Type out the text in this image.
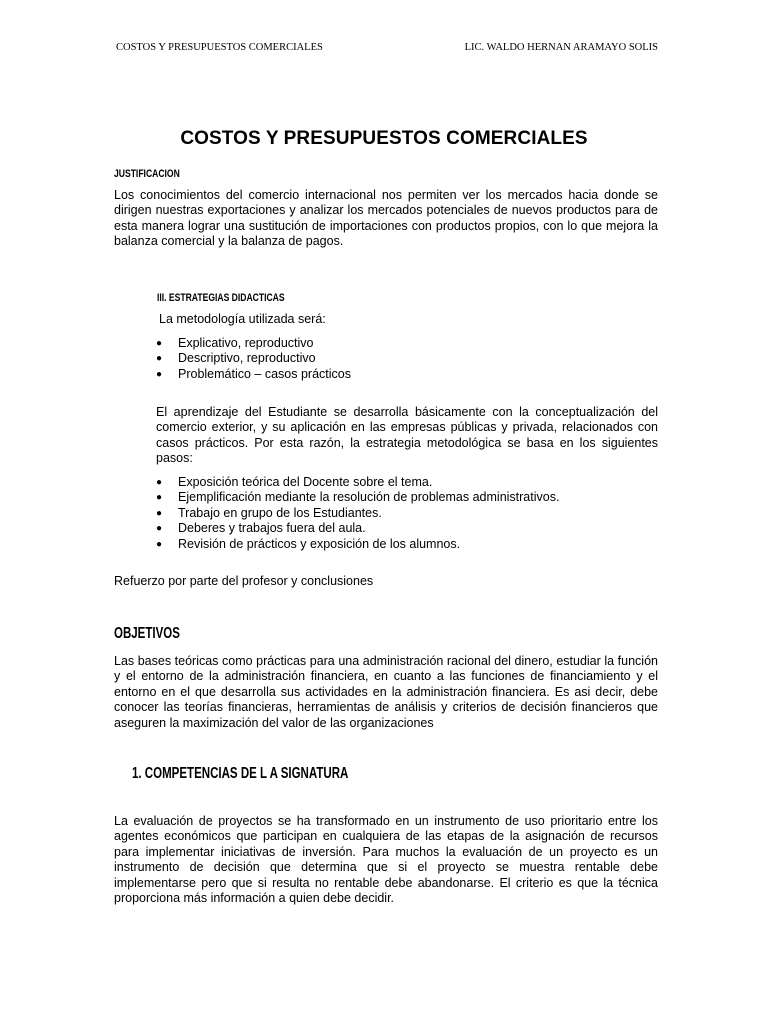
COSTOS Y PRESUPUESTOS COMERCIALES	LIC. WALDO HERNAN ARAMAYO SOLIS
COSTOS Y PRESUPUESTOS COMERCIALES
JUSTIFICACION

Los conocimientos del comercio internacional nos permiten ver los mercados hacia donde se dirigen nuestras exportaciones y analizar los mercados potenciales de nuevos productos para de esta manera lograr una sustitución de importaciones con productos propios, con lo que mejora la balanza comercial y la balanza de pagos.

III. ESTRATEGIAS DIDACTICAS

La metodología utilizada será:

● Explicativo, reproductivo
● Descriptivo, reproductivo
● Problemático – casos prácticos

El aprendizaje del Estudiante se desarrolla básicamente con la conceptualización del comercio exterior, y su aplicación en las empresas públicas y privada, relacionados con casos prácticos. Por esta razón, la estrategia metodológica se basa en los siguientes pasos:

● Exposición teórica del Docente sobre el tema.
● Ejemplificación mediante la resolución de problemas administrativos.
● Trabajo en grupo de los Estudiantes.
● Deberes y trabajos fuera del aula.
● Revisión de prácticos y exposición de los alumnos.

Refuerzo por parte del profesor y conclusiones

OBJETIVOS

Las bases teóricas como prácticas para una administración racional del dinero, estudiar la función y el entorno de la administración financiera, en cuanto a las funciones de financiamiento y el entorno en el que desarrolla sus actividades en la administración financiera. Es asi decir, debe conocer las teorías financieras, herramientas de análisis y criterios de decisión financieros que aseguren la maximización del valor de las organizaciones

1. COMPETENCIAS DE L A SIGNATURA

La evaluación de proyectos se ha transformado en un instrumento de uso prioritario entre los agentes económicos que participan en cualquiera de las etapas de la asignación de recursos para implementar iniciativas de inversión. Para muchos la evaluación de un proyecto es un instrumento de decisión que determina que si el proyecto se muestra rentable debe implementarse pero que si resulta no rentable debe abandonarse. El criterio es que la técnica proporciona más información a quien debe decidir.
